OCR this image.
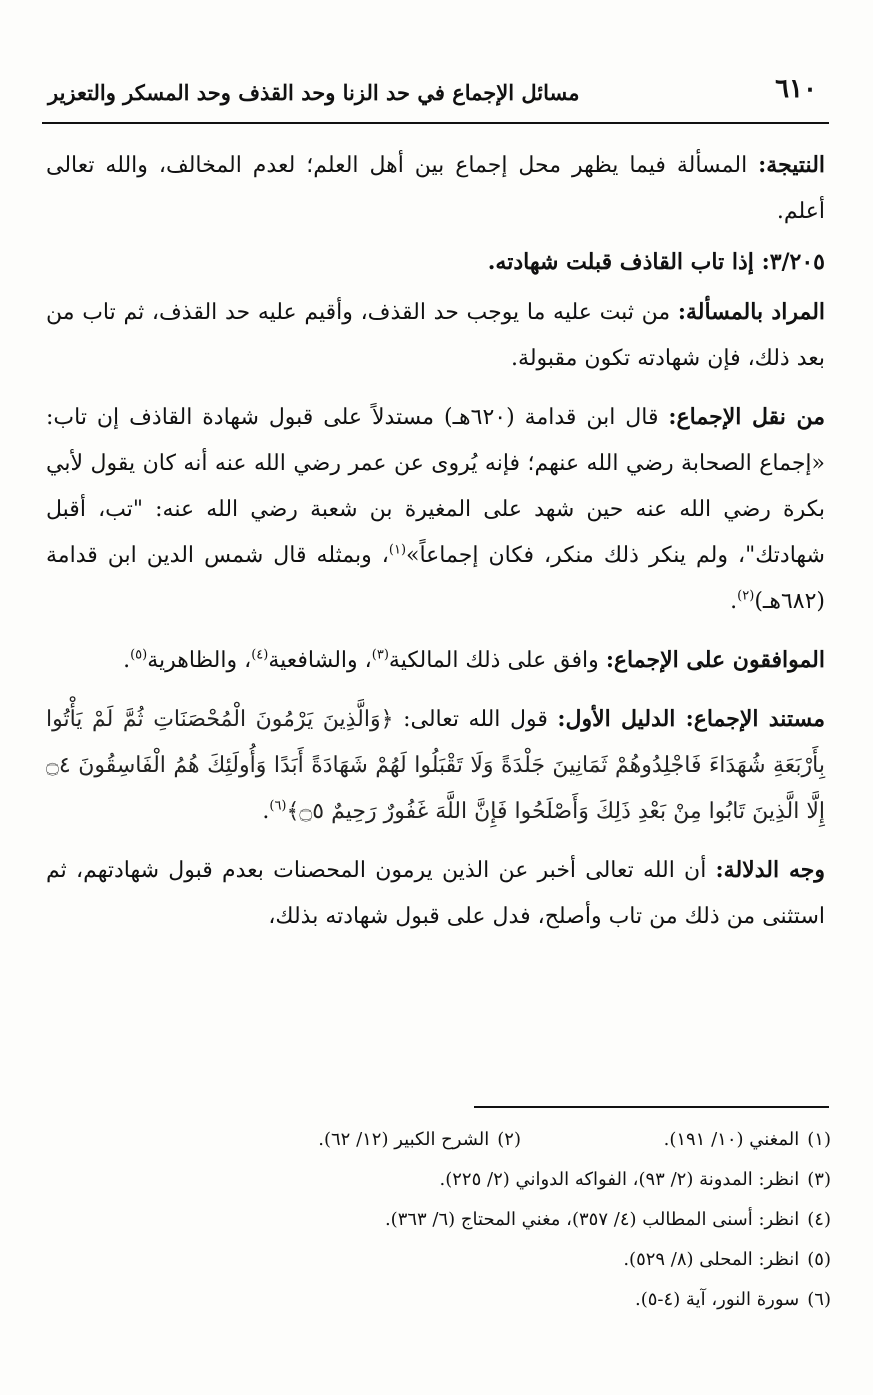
٦١٠
مسائل الإجماع في حد الزنا وحد القذف وحد المسكر والتعزير

النتيجة: المسألة فيما يظهر محل إجماع بين أهل العلم؛ لعدم المخالف، والله تعالى أعلم.

٣/٢٠٥: إذا تاب القاذف قبلت شهادته.

المراد بالمسألة: من ثبت عليه ما يوجب حد القذف، وأقيم عليه حد القذف، ثم تاب من بعد ذلك، فإن شهادته تكون مقبولة.

من نقل الإجماع: قال ابن قدامة (٦٢٠هـ) مستدلاً على قبول شهادة القاذف إن تاب: «إجماع الصحابة رضي الله عنهم؛ فإنه يُروى عن عمر رضي الله عنه أنه كان يقول لأبي بكرة رضي الله عنه حين شهد على المغيرة بن شعبة رضي الله عنه: "تب، أقبل شهادتك"، ولم ينكر ذلك منكر، فكان إجماعاً»$^{(١)}$، وبمثله قال شمس الدين ابن قدامة (٦٨٢هـ)$^{(٢)}$.

الموافقون على الإجماع: وافق على ذلك المالكية$^{(٣)}$، والشافعية$^{(٤)}$، والظاهرية$^{(٥)}$.

مستند الإجماع: الدليل الأول: قول الله تعالى: ﴿وَالَّذِينَ يَرْمُونَ الْمُحْصَنَاتِ ثُمَّ لَمْ يَأْتُوا بِأَرْبَعَةِ شُهَدَاءَ فَاجْلِدُوهُمْ ثَمَانِينَ جَلْدَةً وَلَا تَقْبَلُوا لَهُمْ شَهَادَةً أَبَدًا وَأُولَئِكَ هُمُ الْفَاسِقُونَ ۝٤ إِلَّا الَّذِينَ تَابُوا مِنْ بَعْدِ ذَلِكَ وَأَصْلَحُوا فَإِنَّ اللَّهَ غَفُورٌ رَحِيمٌ ۝٥﴾$^{(٦)}$.

وجه الدلالة: أن الله تعالى أخبر عن الذين يرمون المحصنات بعدم قبول شهادتهم، ثم استثنى من ذلك من تاب وأصلح، فدل على قبول شهادته بذلك،

(١)المغني (١٠/ ١٩١).
(٢)الشرح الكبير (١٢/ ٦٢).
(٣)انظر: المدونة (٢/ ٩٣)، الفواكه الدواني (٢/ ٢٢٥).
(٤)انظر: أسنى المطالب (٤/ ٣٥٧)، مغني المحتاج (٦/ ٣٦٣).
(٥)انظر: المحلى (٨/ ٥٢٩).
(٦)سورة النور، آية (٤-٥).
